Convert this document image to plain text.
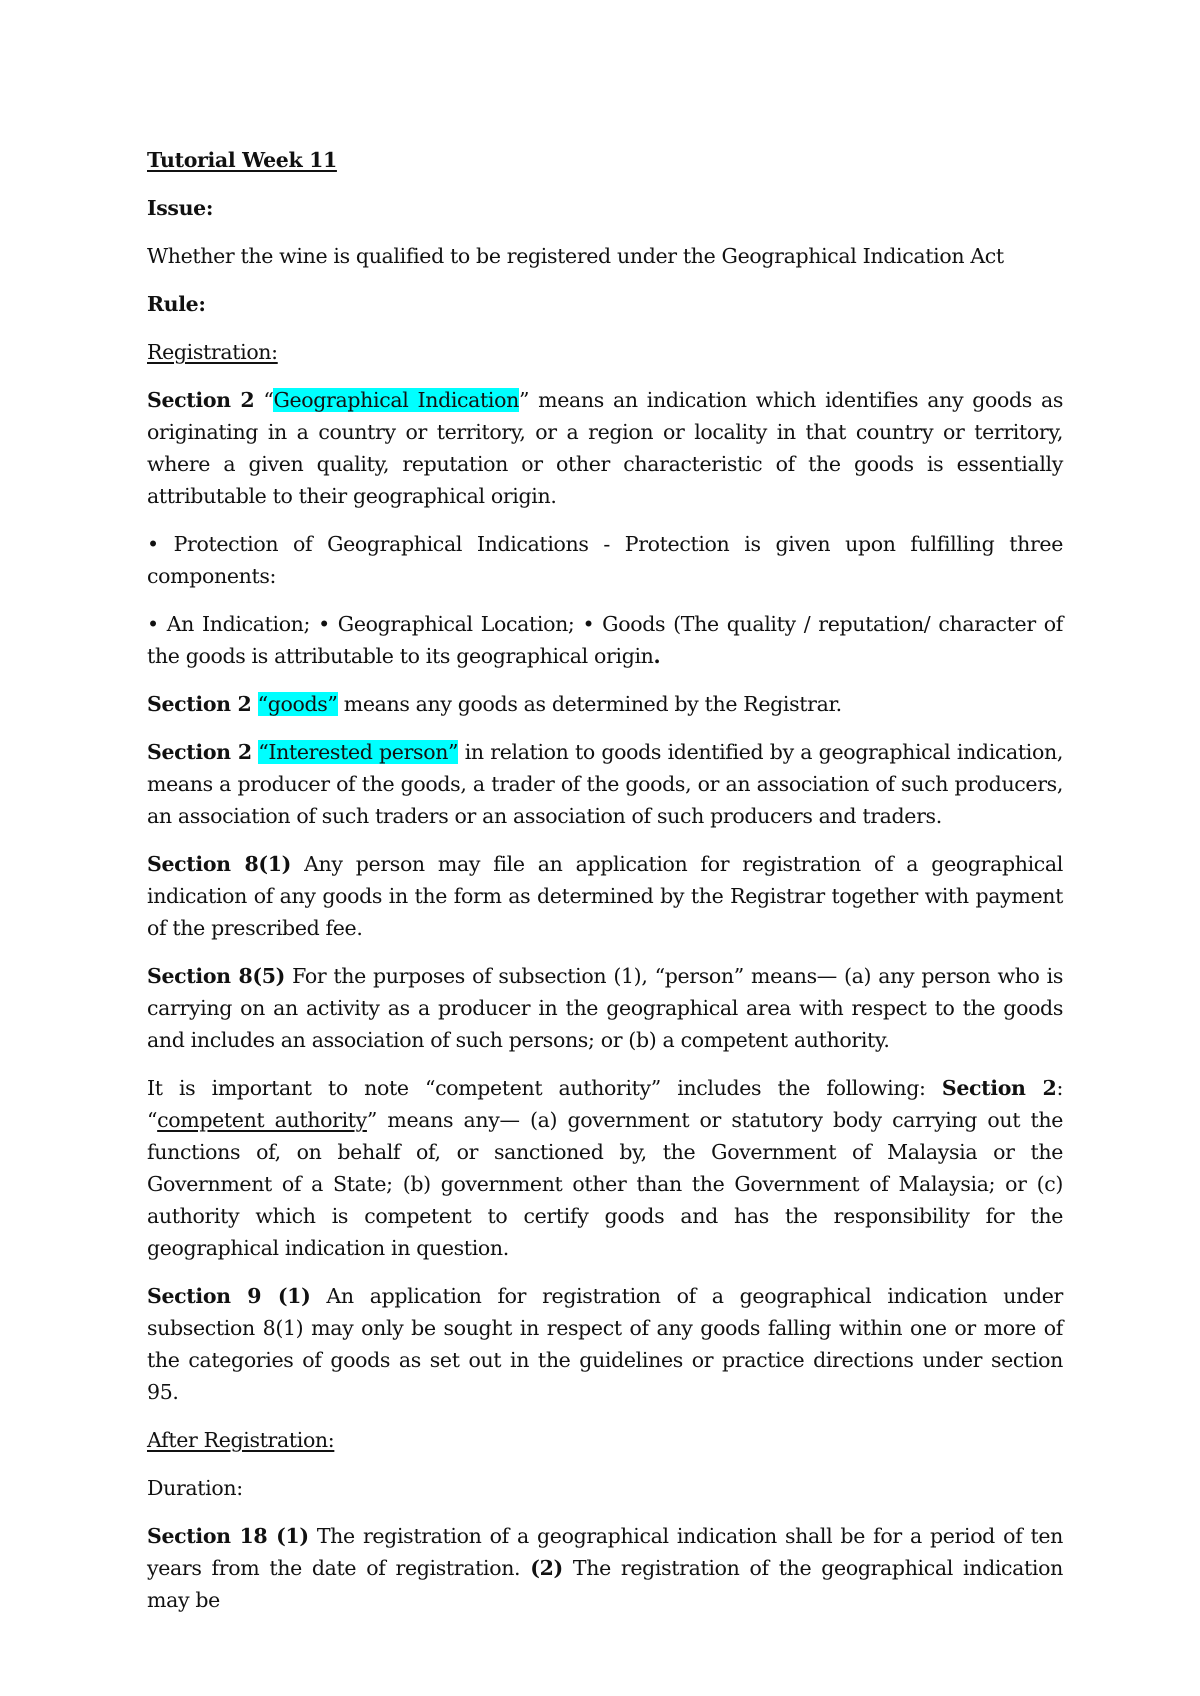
Tutorial Week 11

Issue:

Whether the wine is qualified to be registered under the Geographical Indication Act

Rule:

Registration:

Section 2 “Geographical Indication” means an indication which identifies any goods as originating in a country or territory, or a region or locality in that country or territory, where a given quality, reputation or other characteristic of the goods is essentially attributable to their geographical origin.

• Protection of Geographical Indications - Protection is given upon fulfilling three components:

• An Indication; • Geographical Location; • Goods (The quality / reputation/ character of the goods is attributable to its geographical origin.

Section 2 “goods” means any goods as determined by the Registrar.

Section 2 “Interested person” in relation to goods identified by a geographical indication, means a producer of the goods, a trader of the goods, or an association of such producers, an association of such traders or an association of such producers and traders.

Section 8(1) Any person may file an application for registration of a geographical indication of any goods in the form as determined by the Registrar together with payment of the prescribed fee.

Section 8(5) For the purposes of subsection (1), “person” means— (a) any person who is carrying on an activity as a producer in the geographical area with respect to the goods and includes an association of such persons; or (b) a competent authority.

It is important to note “competent authority” includes the following: Section 2: “competent authority” means any— (a) government or statutory body carrying out the functions of, on behalf of, or sanctioned by, the Government of Malaysia or the Government of a State; (b) government other than the Government of Malaysia; or (c) authority which is competent to certify goods and has the responsibility for the geographical indication in question.

Section 9 (1) An application for registration of a geographical indication under subsection 8(1) may only be sought in respect of any goods falling within one or more of the categories of goods as set out in the guidelines or practice directions under section 95.

After Registration:

Duration:

Section 18 (1) The registration of a geographical indication shall be for a period of ten years from the date of registration. (2) The registration of the geographical indication may be
